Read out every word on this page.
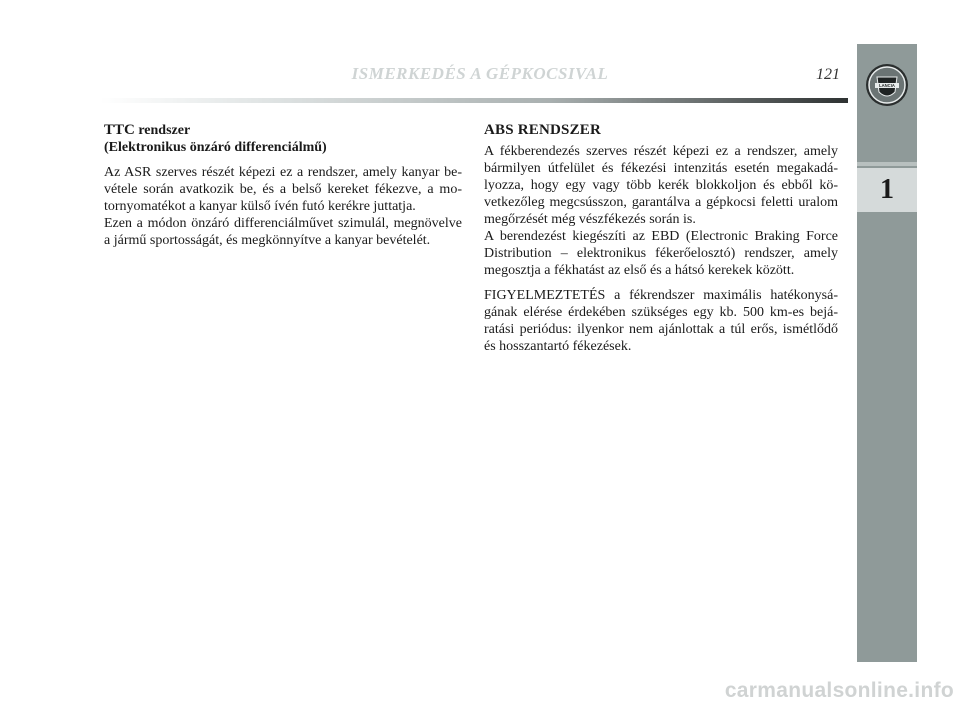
ISMERKEDÉS A GÉPKOCSIVAL	121
LANCIA
1
TTC rendszer
(Elektronikus önzáró differenciálmű)

Az ASR szerves részét képezi ez a rendszer, amely kanyar be-vétele során avatkozik be, és a belső kereket fékezve, a mo-tornyomatékot a kanyar külső ívén futó kerékre juttatja.

Ezen a módon önzáró differenciálművet szimulál, megnövelve a jármű sportosságát, és megkönnyítve a kanyar bevételét.

ABS RENDSZER

A fékberendezés szerves részét képezi ez a rendszer, amely bármilyen útfelület és fékezési intenzitás esetén megakadá-lyozza, hogy egy vagy több kerék blokkoljon és ebből kö-vetkezőleg megcsússzon, garantálva a gépkocsi feletti uralom megőrzését még vészfékezés során is.

A berendezést kiegészíti az EBD (Electronic Braking Force Distribution – elektronikus fékerőelosztó) rendszer, amely megosztja a fékhatást az első és a hátsó kerekek között.

FIGYELMEZTETÉS a fékrendszer maximális hatékonysá-gának elérése érdekében szükséges egy kb. 500 km-es bejá-ratási periódus: ilyenkor nem ajánlottak a túl erős, ismétlődő és hosszantartó fékezések.

carmanualsonline.info
